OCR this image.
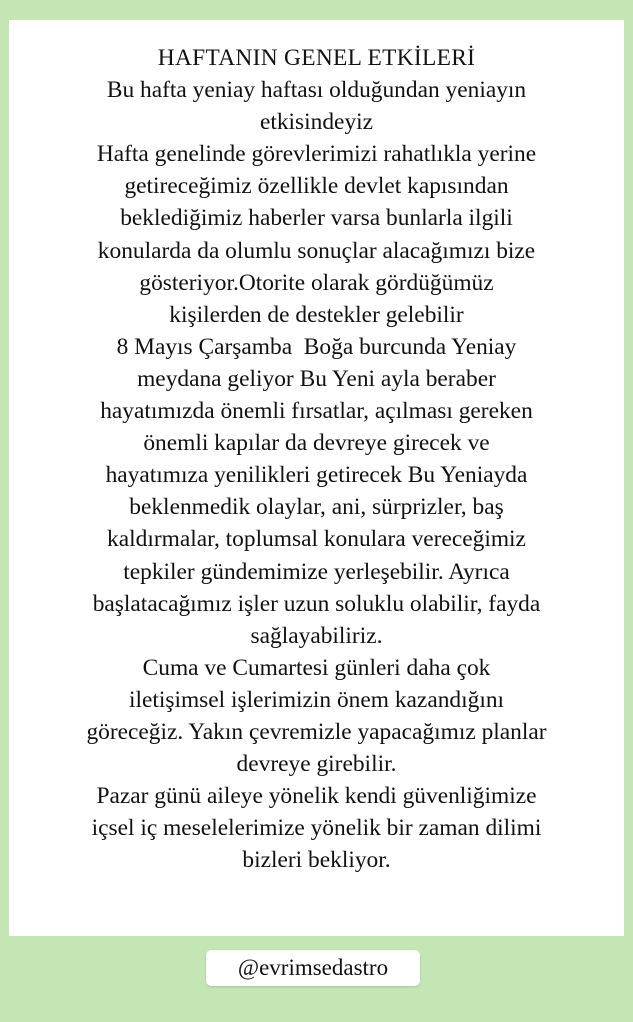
HAFTANIN GENEL ETKİLERİ
Bu hafta yeniay haftası olduğundan yeniayın
etkisindeyiz
Hafta genelinde görevlerimizi rahatlıkla yerine
getireceğimiz özellikle devlet kapısından
beklediğimiz haberler varsa bunlarla ilgili
konularda da olumlu sonuçlar alacağımızı bize
gösteriyor.Otorite olarak gördüğümüz
kişilerden de destekler gelebilir
8 Mayıs Çarşamba  Boğa burcunda Yeniay
meydana geliyor Bu Yeni ayla beraber
hayatımızda önemli fırsatlar, açılması gereken
önemli kapılar da devreye girecek ve
hayatımıza yenilikleri getirecek Bu Yeniayda
beklenmedik olaylar, ani, sürprizler, baş
kaldırmalar, toplumsal konulara vereceğimiz
tepkiler gündemimize yerleşebilir. Ayrıca
başlatacağımız işler uzun soluklu olabilir, fayda
sağlayabiliriz.
Cuma ve Cumartesi günleri daha çok
iletişimsel işlerimizin önem kazandığını
göreceğiz. Yakın çevremizle yapacağımız planlar
devreye girebilir.
Pazar günü aileye yönelik kendi güvenliğimize
içsel iç meselelerimize yönelik bir zaman dilimi
bizleri bekliyor.
@evrimsedastro
